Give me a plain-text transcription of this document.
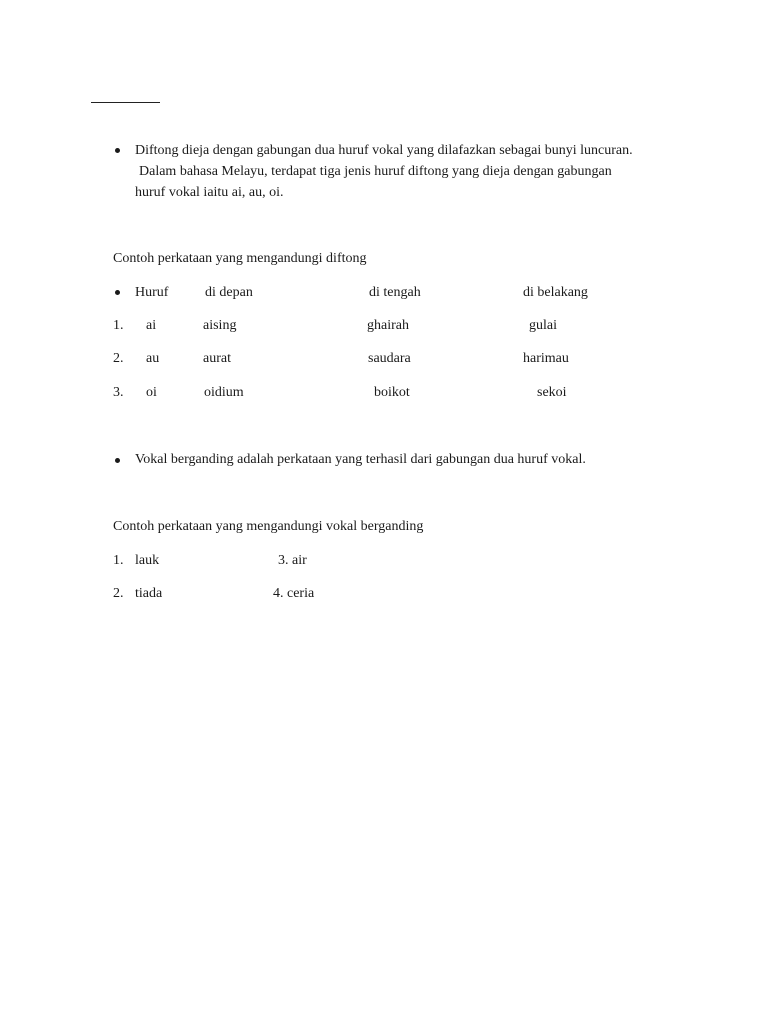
Diftong dieja dengan gabungan dua huruf vokal yang dilafazkan sebagai bunyi luncuran.
Dalam bahasa Melayu, terdapat tiga jenis huruf diftong yang dieja dengan gabungan
huruf vokal iaitu ai, au, oi.
Contoh perkataan yang mengandungi diftong
Huruf	di depan	di tengah	di belakang
1. ai	aising	ghairah	gulai
2. au	aurat	saudara	harimau
3. oi	oidium	boikot	sekoi
Vokal berganding adalah perkataan yang terhasil dari gabungan dua huruf vokal.
Contoh perkataan yang mengandungi vokal berganding
1. lauk	3. air
2. tiada	4. ceria
